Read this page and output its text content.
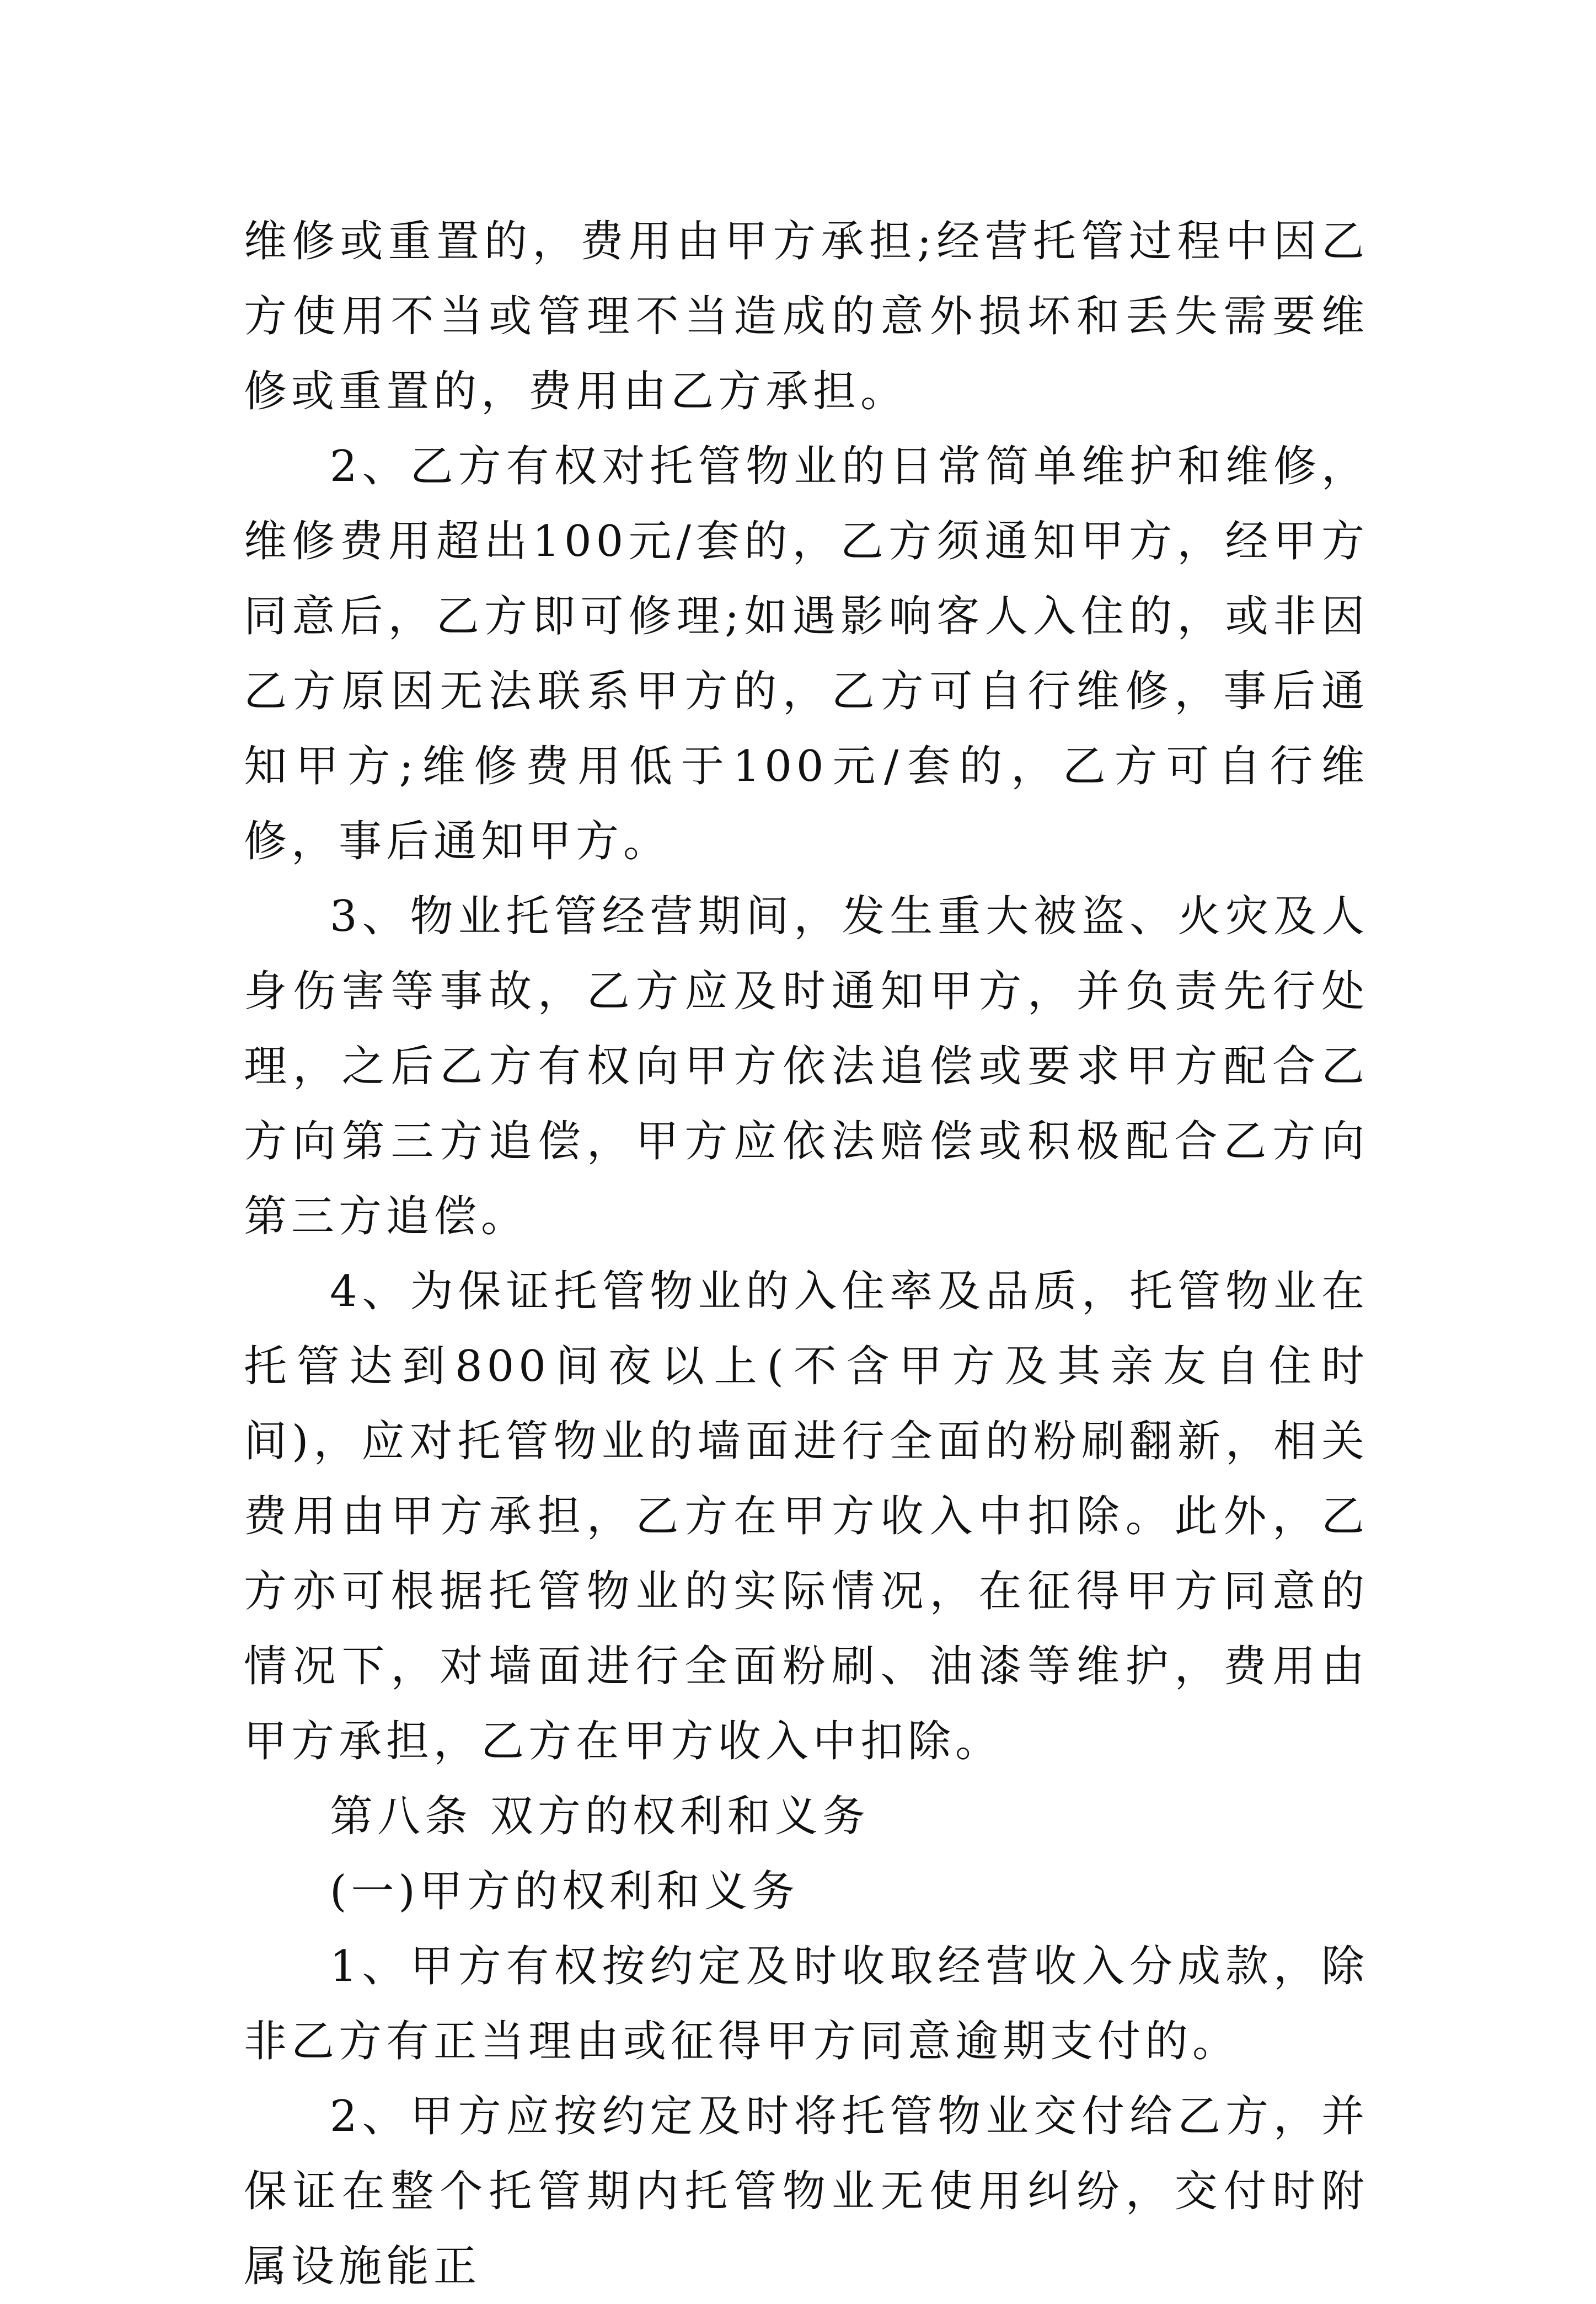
维修或重置的，费用由甲方承担;经营托管过程中因乙方使用不当或管理不当造成的意外损坏和丢失需要维修或重置的，费用由乙方承担。

2、乙方有权对托管物业的日常简单维护和维修，维修费用超出100元/套的，乙方须通知甲方，经甲方同意后，乙方即可修理;如遇影响客人入住的，或非因乙方原因无法联系甲方的，乙方可自行维修，事后通知甲方;维修费用低于100元/套的，乙方可自行维修，事后通知甲方。

3、物业托管经营期间，发生重大被盗、火灾及人身伤害等事故，乙方应及时通知甲方，并负责先行处理，之后乙方有权向甲方依法追偿或要求甲方配合乙方向第三方追偿，甲方应依法赔偿或积极配合乙方向第三方追偿。

4、为保证托管物业的入住率及品质，托管物业在托管达到800间夜以上(不含甲方及其亲友自住时间)，应对托管物业的墙面进行全面的粉刷翻新，相关费用由甲方承担，乙方在甲方收入中扣除。此外，乙方亦可根据托管物业的实际情况，在征得甲方同意的情况下，对墙面进行全面粉刷、油漆等维护，费用由甲方承担，乙方在甲方收入中扣除。

第八条 双方的权利和义务

(一)甲方的权利和义务

1、甲方有权按约定及时收取经营收入分成款，除非乙方有正当理由或征得甲方同意逾期支付的。

2、甲方应按约定及时将托管物业交付给乙方，并保证在整个托管期内托管物业无使用纠纷，交付时附属设施能正
